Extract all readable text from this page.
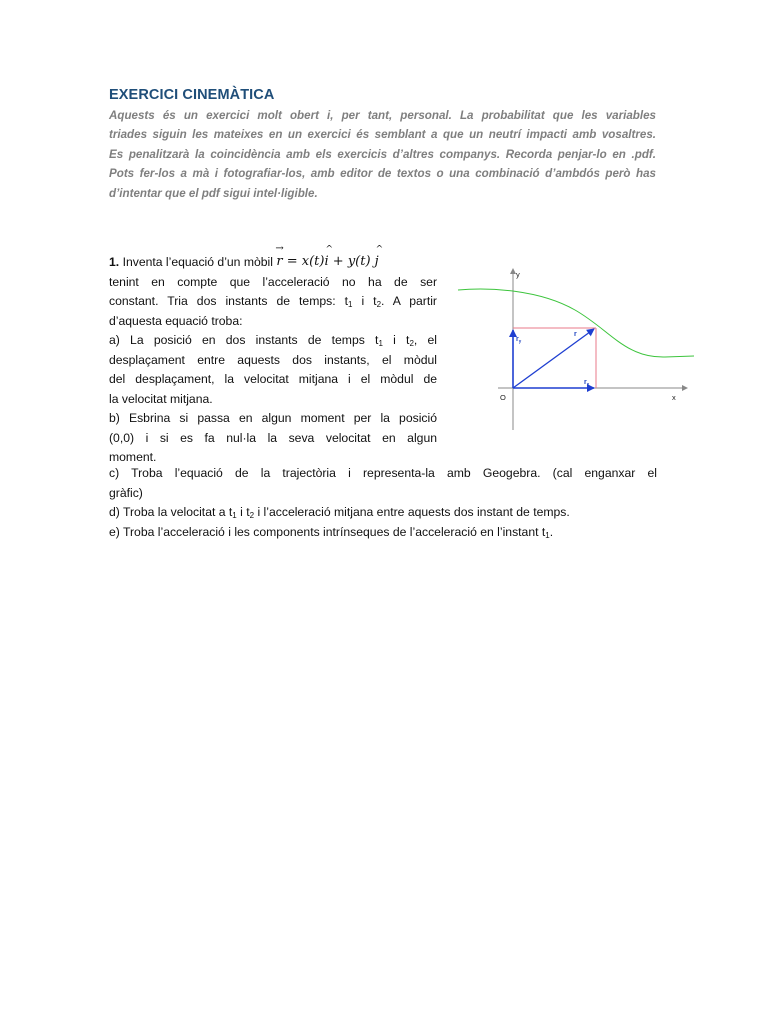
EXERCICI CINEMÀTICA
Aquests és un exercici molt obert i, per tant, personal. La probabilitat que les variables
triades siguin les mateixes en un exercici és semblant a que un neutrí impacti amb vosaltres.
Es penalitzarà la coincidència amb els exercicis d’altres companys. Recorda penjar-lo en .pdf.
Pots fer-los a mà i fotografiar-los, amb editor de textos o una combinació d’ambdós però has
d’intentar que el pdf sigui intel·ligible.
1. Inventa l’equació d’un mòbil → r = x(t)^ i + y(t) ^ j
tenint en compte que l’acceleració no ha de ser
constant. Tria dos instants de temps: $t_1$ i $t_2$. A partir
d’aquesta equació troba:
a) La posició en dos instants de temps $t_1$ i $t_2$, el
desplaçament entre aquests dos instants, el mòdul
del desplaçament, la velocitat mitjana i el mòdul de
la velocitat mitjana.
b) Esbrina si passa en algun moment per la posició
(0,0) i si es fa nul·la la seva velocitat en algun
moment.
c) Troba l’equació de la trajectòria i representa-la amb Geogebra. (cal enganxar el
gràfic)
d) Troba la velocitat a $t_1$ i $t_2$ i l’acceleració mitjana entre aquests dos instant de temps.
e) Troba l’acceleració i les components intrínseques de l’acceleració en l’instant $t_1$.
y
x
O
r
$r_y$
$r_x$
